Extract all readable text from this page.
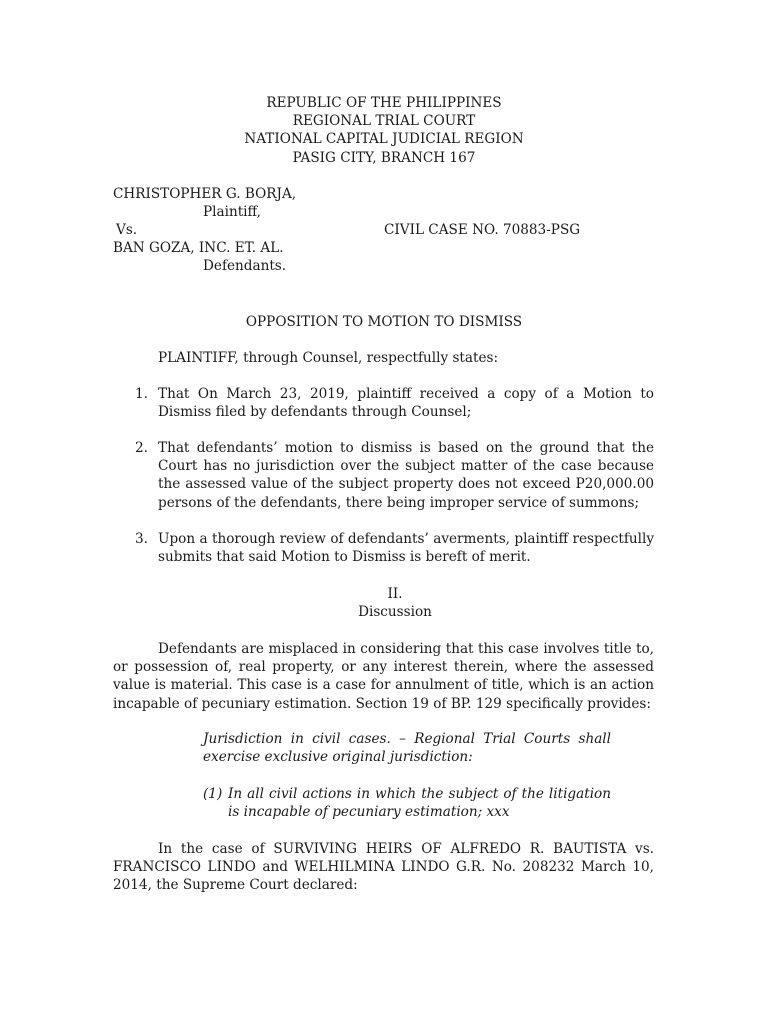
REPUBLIC OF THE PHILIPPINES
REGIONAL TRIAL COURT
NATIONAL CAPITAL JUDICIAL REGION
PASIG CITY, BRANCH 167
CHRISTOPHER G. BORJA,
Plaintiff,
Vs.	CIVIL CASE NO. 70883-PSG
BAN GOZA, INC. ET. AL.
Defendants.
OPPOSITION TO MOTION TO DISMISS
PLAINTIFF, through Counsel, respectfully states:
1. That On March 23, 2019, plaintiff received a copy of a Motion to Dismiss filed by defendants through Counsel;
2. That defendants’ motion to dismiss is based on the ground that the Court has no jurisdiction over the subject matter of the case because the assessed value of the subject property does not exceed P20,000.00 persons of the defendants, there being improper service of summons;
3. Upon a thorough review of defendants’ averments, plaintiff respectfully submits that said Motion to Dismiss is bereft of merit.
II.
Discussion
Defendants are misplaced in considering that this case involves title to, or possession of, real property, or any interest therein, where the assessed value is material. This case is a case for annulment of title, which is an action incapable of pecuniary estimation. Section 19 of BP. 129 specifically provides:
Jurisdiction in civil cases. – Regional Trial Courts shall exercise exclusive original jurisdiction:
(1) In all civil actions in which the subject of the litigation is incapable of pecuniary estimation; xxx
In the case of SURVIVING HEIRS OF ALFREDO R. BAUTISTA vs. FRANCISCO LINDO and WELHILMINA LINDO G.R. No. 208232 March 10, 2014, the Supreme Court declared:
